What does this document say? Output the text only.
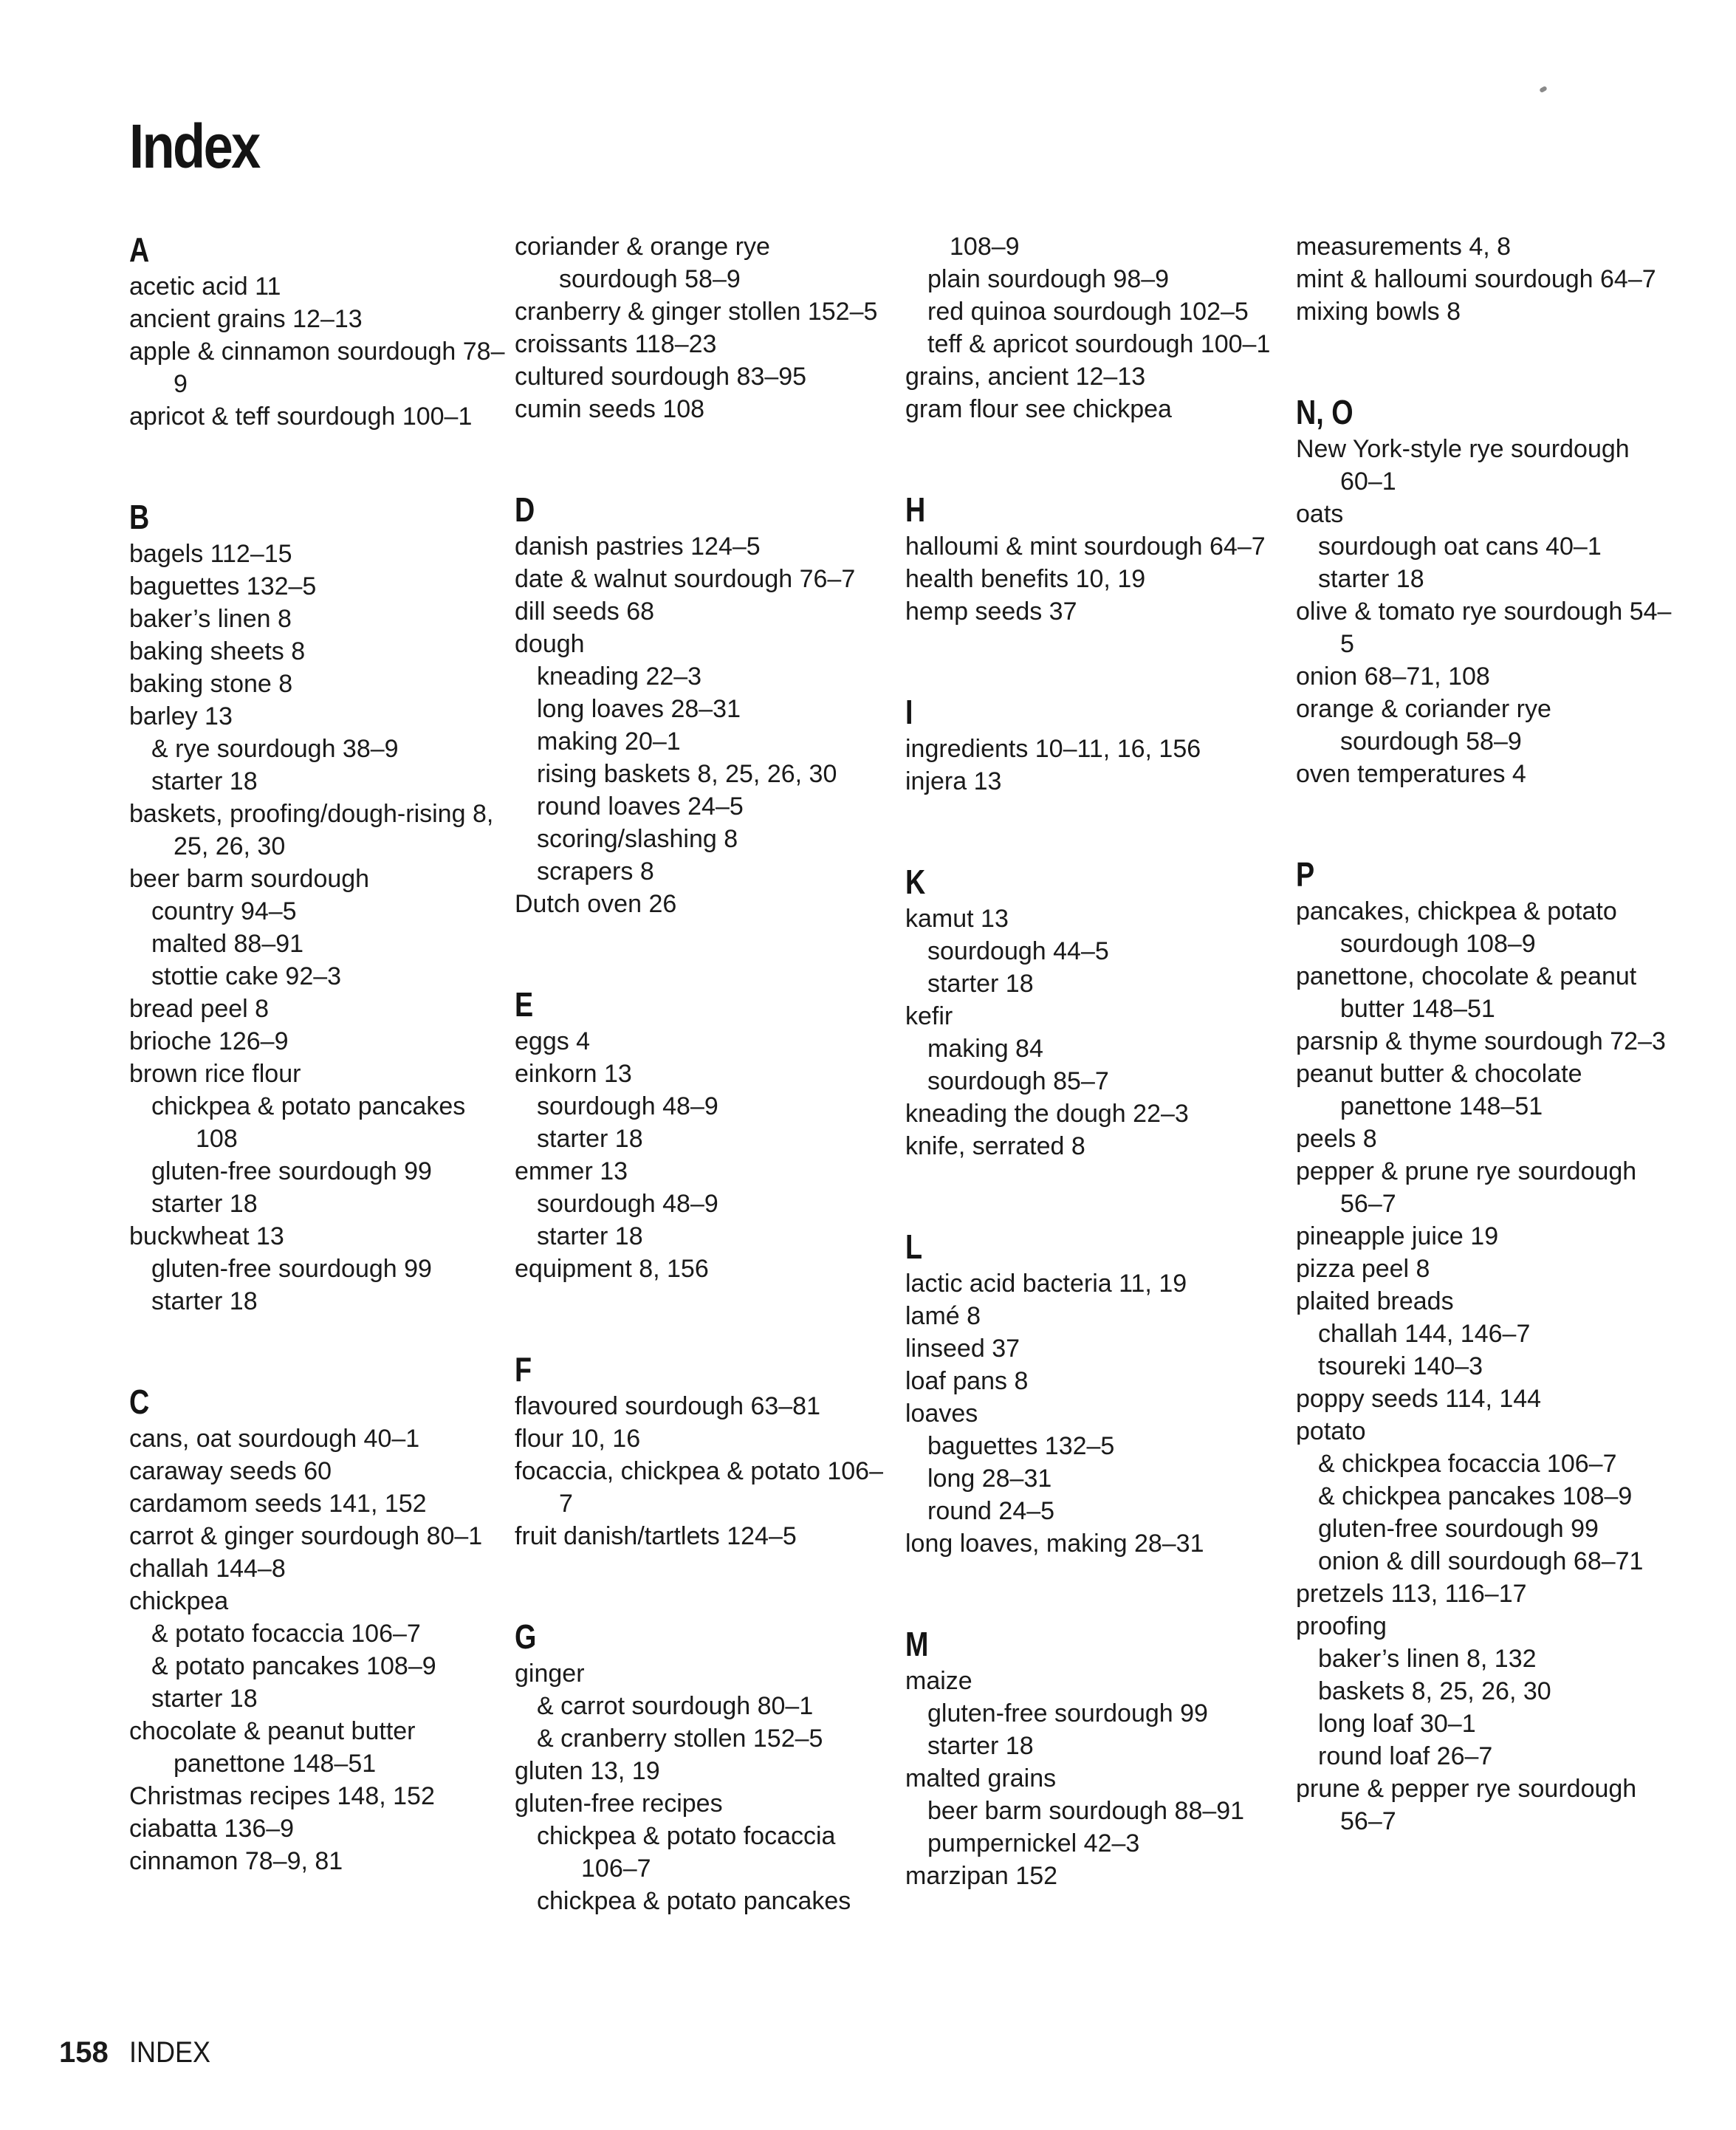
Index
A
acetic acid 11
ancient grains 12–13
apple & cinnamon sourdough 78–9
apricot & teff sourdough 100–1
B
bagels 112–15
baguettes 132–5
baker’s linen 8
baking sheets 8
baking stone 8
barley 13
& rye sourdough 38–9
starter 18
baskets, proofing/dough-rising 8, 25, 26, 30
beer barm sourdough
country 94–5
malted 88–91
stottie cake 92–3
bread peel 8
brioche 126–9
brown rice flour
chickpea & potato pancakes 108
gluten-free sourdough 99
starter 18
buckwheat 13
gluten-free sourdough 99
starter 18
C
cans, oat sourdough 40–1
caraway seeds 60
cardamom seeds 141, 152
carrot & ginger sourdough 80–1
challah 144–8
chickpea
& potato focaccia 106–7
& potato pancakes 108–9
starter 18
chocolate & peanut butter panettone 148–51
Christmas recipes 148, 152
ciabatta 136–9
cinnamon 78–9, 81
coriander & orange rye sourdough 58–9
cranberry & ginger stollen 152–5
croissants 118–23
cultured sourdough 83–95
cumin seeds 108
D
danish pastries 124–5
date & walnut sourdough 76–7
dill seeds 68
dough
kneading 22–3
long loaves 28–31
making 20–1
rising baskets 8, 25, 26, 30
round loaves 24–5
scoring/slashing 8
scrapers 8
Dutch oven 26
E
eggs 4
einkorn 13
sourdough 48–9
starter 18
emmer 13
sourdough 48–9
starter 18
equipment 8, 156
F
flavoured sourdough 63–81
flour 10, 16
focaccia, chickpea & potato 106–7
fruit danish/tartlets 124–5
G
ginger
& carrot sourdough 80–1
& cranberry stollen 152–5
gluten 13, 19
gluten-free recipes
chickpea & potato focaccia 106–7
chickpea & potato pancakes
108–9
plain sourdough 98–9
red quinoa sourdough 102–5
teff & apricot sourdough 100–1
grains, ancient 12–13
gram flour see chickpea
H
halloumi & mint sourdough 64–7
health benefits 10, 19
hemp seeds 37
I
ingredients 10–11, 16, 156
injera 13
K
kamut 13
sourdough 44–5
starter 18
kefir
making 84
sourdough 85–7
kneading the dough 22–3
knife, serrated 8
L
lactic acid bacteria 11, 19
lamé 8
linseed 37
loaf pans 8
loaves
baguettes 132–5
long 28–31
round 24–5
long loaves, making 28–31
M
maize
gluten-free sourdough 99
starter 18
malted grains
beer barm sourdough 88–91
pumpernickel 42–3
marzipan 152
measurements 4, 8
mint & halloumi sourdough 64–7
mixing bowls 8
N, O
New York-style rye sourdough 60–1
oats
sourdough oat cans 40–1
starter 18
olive & tomato rye sourdough 54–5
onion 68–71, 108
orange & coriander rye sourdough 58–9
oven temperatures 4
P
pancakes, chickpea & potato sourdough 108–9
panettone, chocolate & peanut butter 148–51
parsnip & thyme sourdough 72–3
peanut butter & chocolate panettone 148–51
peels 8
pepper & prune rye sourdough 56–7
pineapple juice 19
pizza peel 8
plaited breads
challah 144, 146–7
tsoureki 140–3
poppy seeds 114, 144
potato
& chickpea focaccia 106–7
& chickpea pancakes 108–9
gluten-free sourdough 99
onion & dill sourdough 68–71
pretzels 113, 116–17
proofing
baker’s linen 8, 132
baskets 8, 25, 26, 30
long loaf 30–1
round loaf 26–7
prune & pepper rye sourdough 56–7
158 INDEX
